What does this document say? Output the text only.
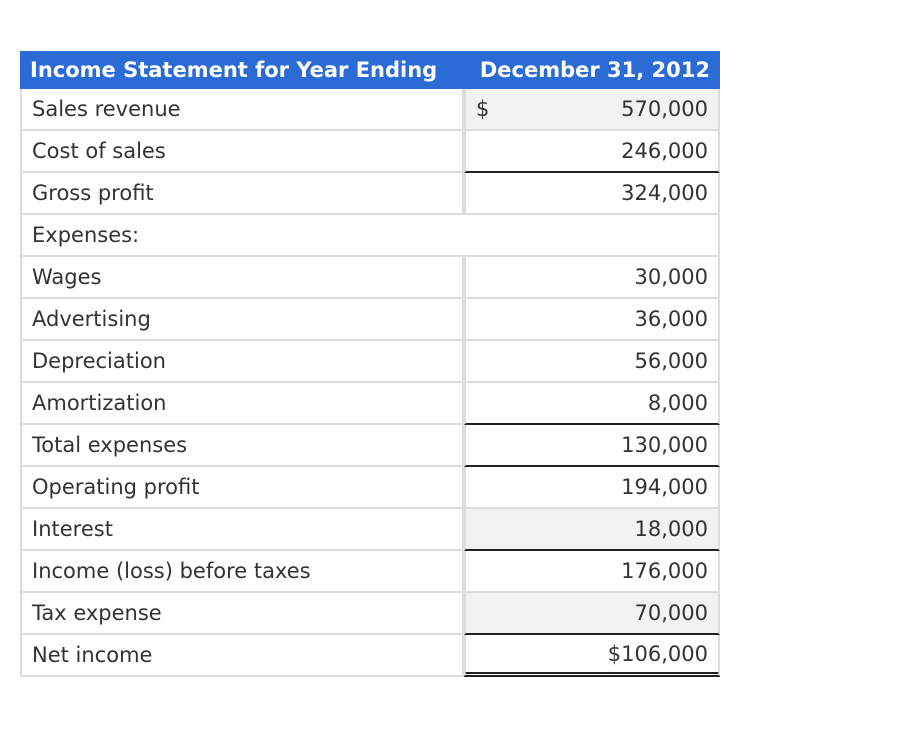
Income Statement for Year Ending	December 31, 2012
Sales revenue	$ 570,000
Cost of sales	246,000
Gross profit	324,000
Expenses:	
Wages	30,000
Advertising	36,000
Depreciation	56,000
Amortization	8,000
Total expenses	130,000
Operating profit	194,000
Interest	18,000
Income (loss) before taxes	176,000
Tax expense	70,000
Net income	$106,000
